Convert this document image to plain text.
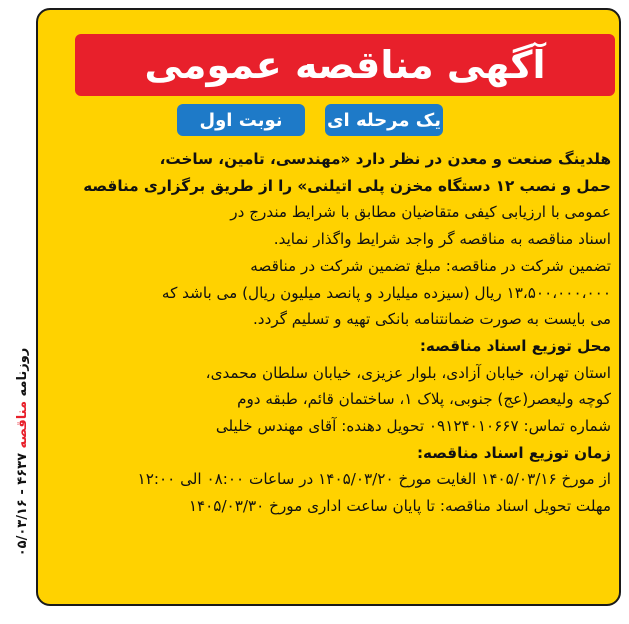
آگهی مناقصه عمومی
یک مرحله ای
نوبت اول
هلدینگ صنعت و معدن در نظر دارد «مهندسی، تامین، ساخت،
حمل و نصب ۱۲ دستگاه مخزن پلی اتیلنی» را از طریق برگزاری مناقصه
عمومی با ارزیابی کیفی متقاضیان مطابق با شرایط مندرج در
اسناد مناقصه به مناقصه گر واجد شرایط واگذار نماید.
تضمین شرکت در مناقصه: مبلغ تضمین شرکت در مناقصه
۱۳،۵۰۰،۰۰۰،۰۰۰ ریال (سیزده میلیارد و پانصد میلیون ریال) می باشد که
می بایست به صورت ضمانتنامه بانکی تهیه و تسلیم گردد.
محل توزیع اسناد مناقصه:
استان تهران، خیابان آزادی، بلوار عزیزی، خیابان سلطان محمدی،
کوچه ولیعصر(عج) جنوبی، پلاک ۱، ساختمان قائم، طبقه دوم
شماره تماس: ۰۹۱۲۴۰۱۰۶۶۷ تحویل دهنده: آقای مهندس خلیلی
زمان توزیع اسناد مناقصه:
از مورخ ۱۴۰۵/۰۳/۱۶ الغایت مورخ ۱۴۰۵/۰۳/۲۰ در ساعات ۰۸:۰۰ الی ۱۲:۰۰
مهلت تحویل اسناد مناقصه: تا پایان ساعت اداری مورخ ۱۴۰۵/۰۳/۳۰
روزنامه مناقصه ۴۶۳۷ - ۰۵/۰۳/۱۶
